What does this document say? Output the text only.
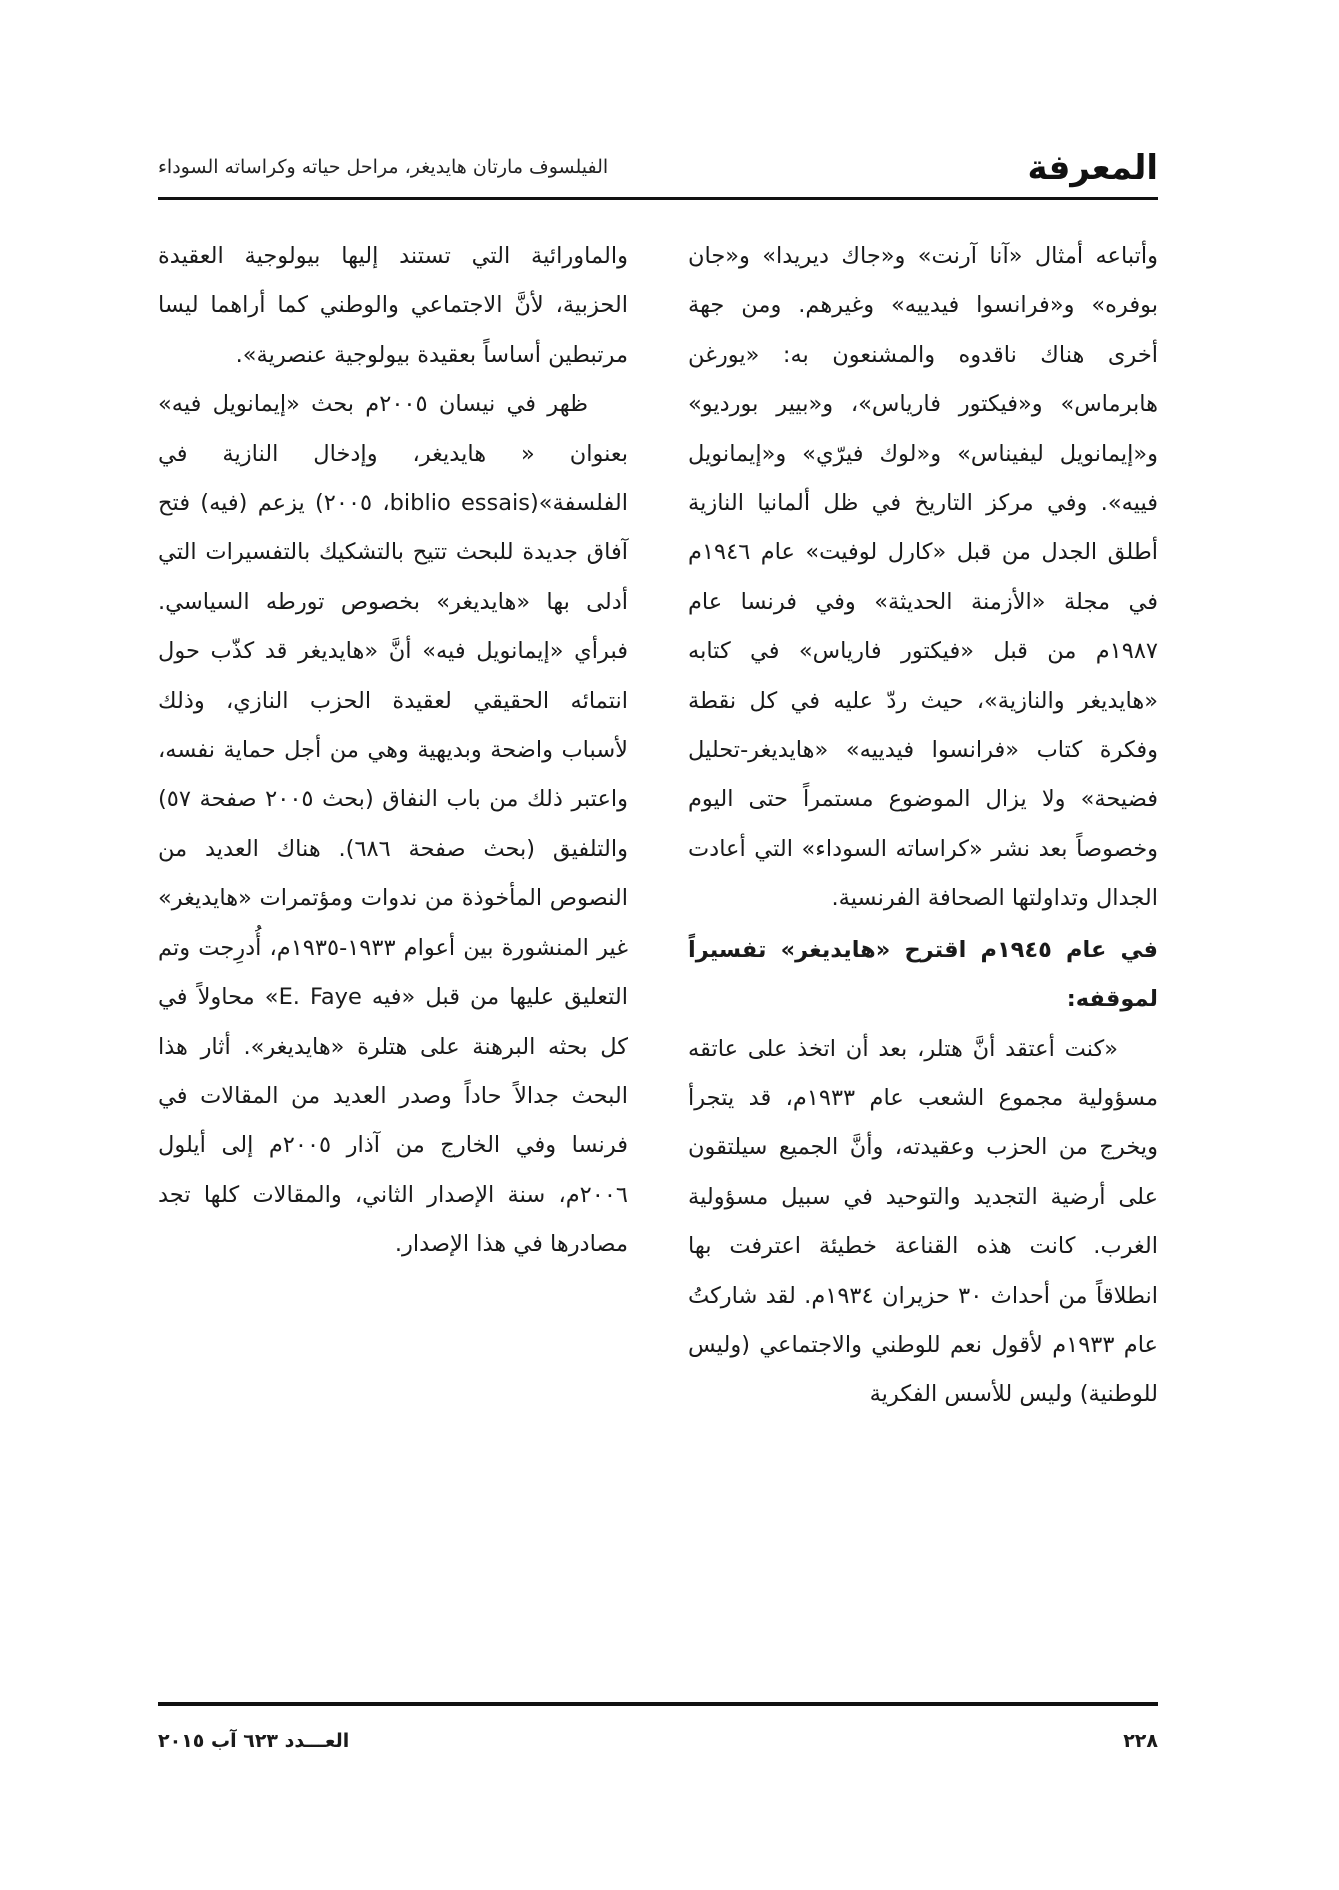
المعرفة
الفيلسوف مارتان هايديغر، مراحل حياته وكراساته السوداء

وأتباعه أمثال «آنا آرنت» و«جاك ديريدا» و«جان بوفره» و«فرانسوا فيدييه» وغيرهم. ومن جهة أخرى هناك ناقدوه والمشنعون به: «يورغن هابرماس» و«فيكتور فارياس»، و«بيير بورديو» و«إيمانويل ليفيناس» و«لوك فيرّي» و«إيمانويل فييه». وفي مركز التاريخ في ظل ألمانيا النازية أطلق الجدل من قبل «كارل لوفيت» عام ١٩٤٦م في مجلة «الأزمنة الحديثة» وفي فرنسا عام ١٩٨٧م من قبل «فيكتور فارياس» في كتابه «هايديغر والنازية»، حيث ردّ عليه في كل نقطة وفكرة كتاب «فرانسوا فيدييه» «هايديغر-تحليل فضيحة» ولا يزال الموضوع مستمراً حتى اليوم وخصوصاً بعد نشر «كراساته السوداء» التي أعادت الجدال وتداولتها الصحافة الفرنسية.

في عام ١٩٤٥م اقترح «هايديغر» تفسيراً لموقفه:

«كنت أعتقد أنَّ هتلر، بعد أن اتخذ على عاتقه مسؤولية مجموع الشعب عام ١٩٣٣م، قد يتجرأ ويخرج من الحزب وعقيدته، وأنَّ الجميع سيلتقون على أرضية التجديد والتوحيد في سبيل مسؤولية الغرب. كانت هذه القناعة خطيئة اعترفت بها انطلاقاً من أحداث ٣٠ حزيران ١٩٣٤م. لقد شاركتُ عام ١٩٣٣م لأقول نعم للوطني والاجتماعي (وليس للوطنية) وليس للأسس الفكرية

والماورائية التي تستند إليها بيولوجية العقيدة الحزبية، لأنَّ الاجتماعي والوطني كما أراهما ليسا مرتبطين أساساً بعقيدة بيولوجية عنصرية».

ظهر في نيسان ٢٠٠٥م بحث «إيمانويل فيه» بعنوان « هايديغر، وإدخال النازية في الفلسفة»(biblio essais، ٢٠٠٥) يزعم (فيه) فتح آفاق جديدة للبحث تتيح بالتشكيك بالتفسيرات التي أدلى بها «هايديغر» بخصوص تورطه السياسي. فبرأي «إيمانويل فيه» أنَّ «هايديغر قد كذّب حول انتمائه الحقيقي لعقيدة الحزب النازي، وذلك لأسباب واضحة وبديهية وهي من أجل حماية نفسه، واعتبر ذلك من باب النفاق (بحث ٢٠٠٥ صفحة ٥٧) والتلفيق (بحث صفحة ٦٨٦). هناك العديد من النصوص المأخوذة من ندوات ومؤتمرات «هايديغر» غير المنشورة بين أعوام ١٩٣٣-١٩٣٥م، أُدرِجت وتم التعليق عليها من قبل «فيه E. Faye» محاولاً في كل بحثه البرهنة على هتلرة «هايديغر». أثار هذا البحث جدالاً حاداً وصدر العديد من المقالات في فرنسا وفي الخارج من آذار ٢٠٠٥م إلى أيلول ٢٠٠٦م، سنة الإصدار الثاني، والمقالات كلها تجد مصادرها في هذا الإصدار.

٢٢٨
العـــدد ٦٢٣ آب ٢٠١٥
